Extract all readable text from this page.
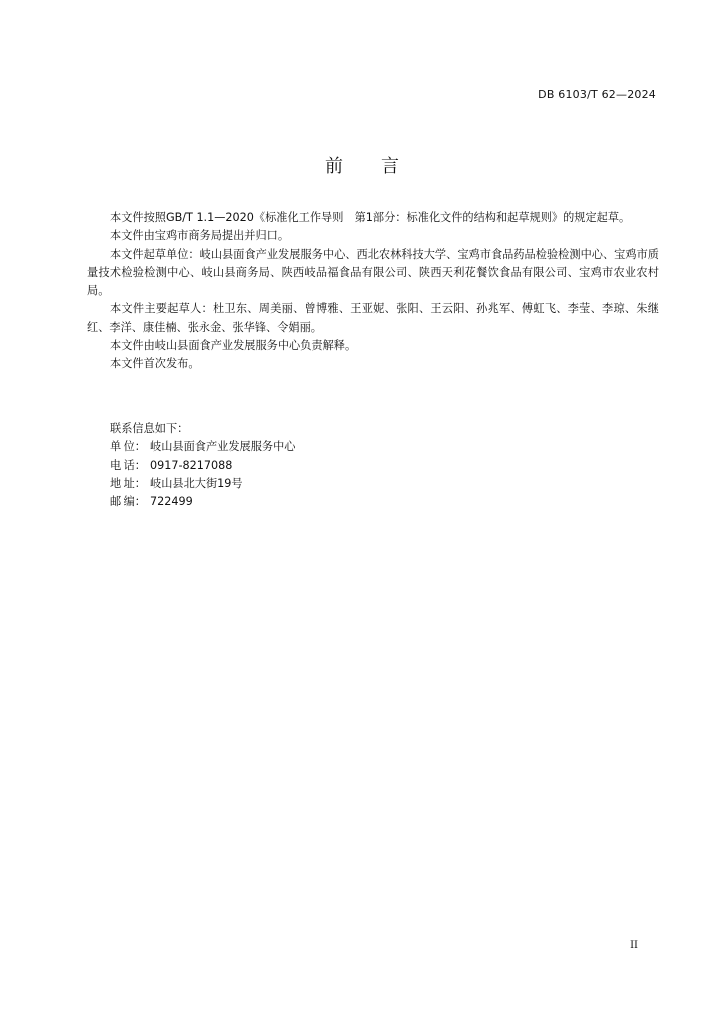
DB 6103/T 62—2024
前 言

本文件按照GB/T 1.1—2020《标准化工作导则　第1部分：标准化文件的结构和起草规则》的规定起草。

本文件由宝鸡市商务局提出并归口。

本文件起草单位：岐山县面食产业发展服务中心、西北农林科技大学、宝鸡市食品药品检验检测中心、宝鸡市质量技术检验检测中心、岐山县商务局、陕西岐品福食品有限公司、陕西天利花餐饮食品有限公司、宝鸡市农业农村局。

本文件主要起草人：杜卫东、周美丽、曾博雅、王亚妮、张阳、王云阳、孙兆军、傅虹飞、李莹、李琼、朱继红、李洋、康佳楠、张永金、张华锋、令娟丽。

本文件由岐山县面食产业发展服务中心负责解释。

本文件首次发布。

联系信息如下：
单 位： 岐山县面食产业发展服务中心
电 话： 0917-8217088
地 址： 岐山县北大街19号
邮 编： 722499
II
